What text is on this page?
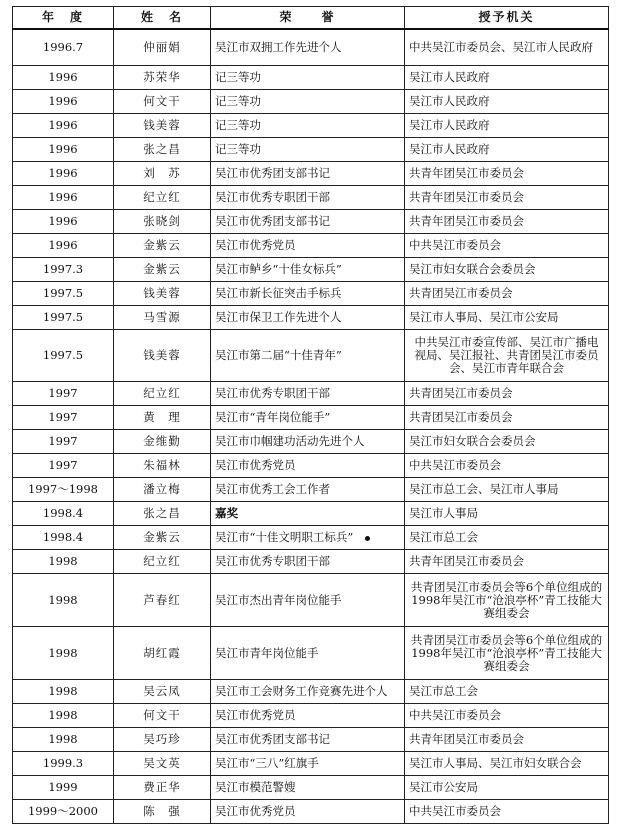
年　度	姓　名	荣　　誉	授予机关
1996.7	仲丽娟	吴江市双拥工作先进个人	中共吴江市委员会、吴江市人民政府
1996	苏荣华	记三等功	吴江市人民政府
1996	何文干	记三等功	吴江市人民政府
1996	钱美蓉	记三等功	吴江市人民政府
1996	张之昌	记三等功	吴江市人民政府
1996	刘　苏	吴江市优秀团支部书记	共青年团吴江市委员会
1996	纪立红	吴江市优秀专职团干部	共青年团吴江市委员会
1996	张晓剑	吴江市优秀团支部书记	共青年团吴江市委员会
1996	金紫云	吴江市优秀党员	中共吴江市委员会
1997.3	金紫云	吴江市鲈乡“十佳女标兵”	吴江市妇女联合会委员会
1997.5	钱美蓉	吴江市新长征突击手标兵	共青团吴江市委员会
1997.5	马雪源	吴江市保卫工作先进个人	吴江市人事局、吴江市公安局
1997.5	钱美蓉	吴江市第二届“十佳青年”	中共吴江市委宣传部、吴江市广播电视局、吴江报社、共青团吴江市委员会、吴江市青年联合会
1997	纪立红	吴江市优秀专职团干部	共青团吴江市委员会
1997	黄　理	吴江市“青年岗位能手”	共青团吴江市委员会
1997	金维勤	吴江市巾帼建功活动先进个人	吴江市妇女联合会委员会
1997	朱福林	吴江市优秀党员	中共吴江市委员会
1997～1998	潘立梅	吴江市优秀工会工作者	吴江市总工会、吴江市人事局
1998.4	张之昌	嘉奖	吴江市人事局
1998.4	金紫云	吴江市“十佳文明职工标兵”	吴江市总工会
1998	纪立红	吴江市优秀专职团干部	共青年团吴江市委员会
1998	芦春红	吴江市杰出青年岗位能手	共青团吴江市委员会等6个单位组成的1998年吴江市“沧浪亭杯”青工技能大赛组委会
1998	胡红霞	吴江市青年岗位能手	共青团吴江市委员会等6个单位组成的1998年吴江市“沧浪亭杯”青工技能大赛组委会
1998	吴云凤	吴江市工会财务工作竞赛先进个人	吴江市总工会
1998	何文干	吴江市优秀党员	中共吴江市委员会
1998	吴巧珍	吴江市优秀团支部书记	共青年团吴江市委员会
1999.3	吴文英	吴江市“三八”红旗手	吴江市人事局、吴江市妇女联合会
1999	费正华	吴江市模范警嫂	吴江市公安局
1999～2000	陈　强	吴江市优秀党员	中共吴江市委员会
